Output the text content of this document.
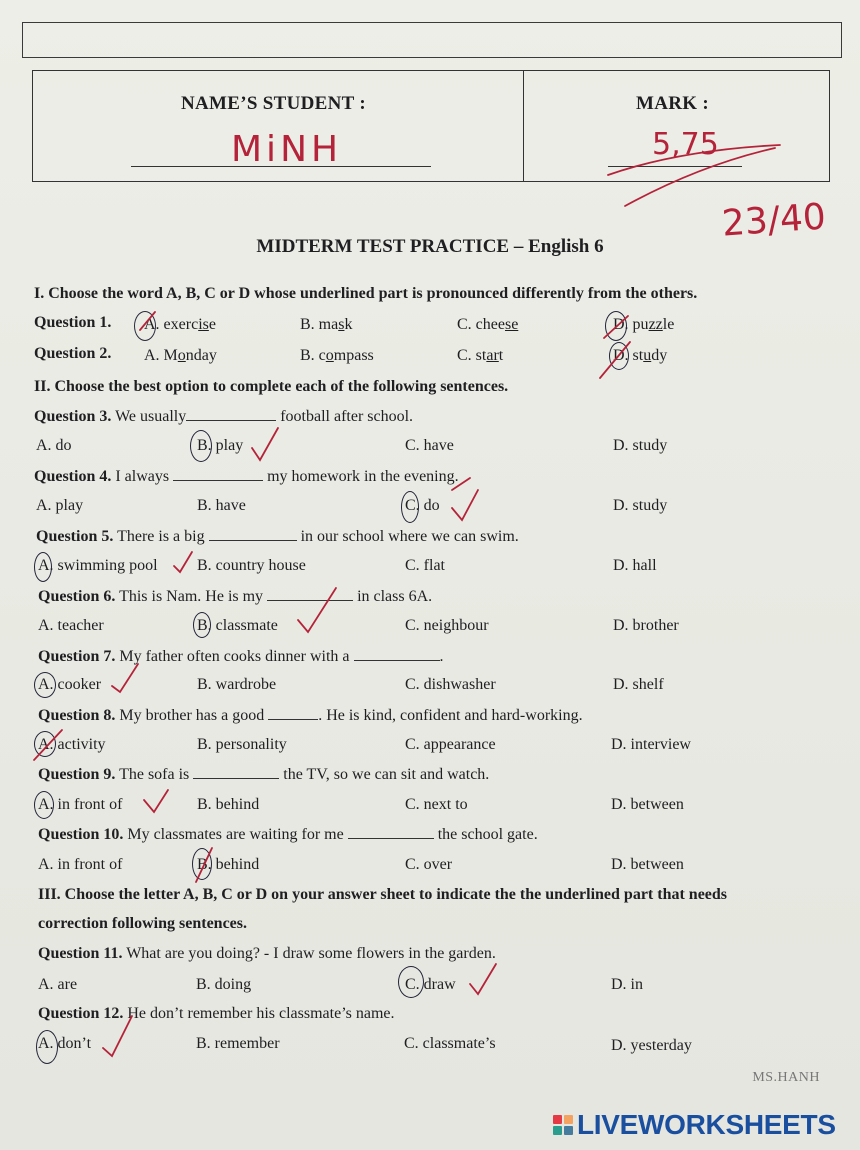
NAME’S STUDENT :
MiNH
MARK :
5,75
23/40
MIDTERM TEST PRACTICE – English 6
I. Choose the word A, B, C or D whose underlined part is pronounced differently from the others.
Question 1. A. exercise	B. mask	C. cheese	D. puzzle
Question 2. A. Monday	B. compass	C. start	D. study
II. Choose the best option to complete each of the following sentences.
Question 3. We usually	football after school.
A. do	B. play	C. have	D. study
Question 4. I always	my homework in the evening.
A. play	B. have	C. do	D. study
Question 5. There is a big	in our school where we can swim.
A. swimming pool B. country house	C. flat	D. hall
Question 6. This is Nam. He is my	in class 6A.
A. teacher	B. classmate	C. neighbour	D. brother
Question 7. My father often cooks dinner with a	.
A. cooker	B. wardrobe	C. dishwasher	D. shelf
Question 8. My brother has a good	. He is kind, confident and hard-working.
A. activity	B. personality	C. appearance	D. interview
Question 9. The sofa is	the TV, so we can sit and watch.
A. in front of	B. behind	C. next to	D. between
Question 10. My classmates are waiting for me	the school gate.
A. in front of	B. behind	C. over	D. between
III. Choose the letter A, B, C or D on your answer sheet to indicate the the underlined part that needs
correction following sentences.
Question 11. What are you doing? - I draw some flowers in the garden.
A. are	B. doing	C. draw	D. in
Question 12. He don’t remember his classmate’s name.
A. don’t	B. remember	C. classmate’s	D. yesterday
MS.HANH
LIVEWORKSHEETS
